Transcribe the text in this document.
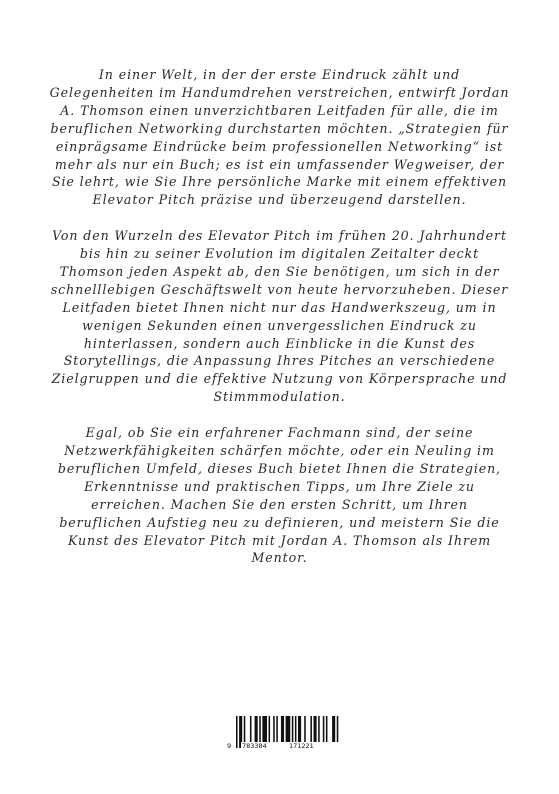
In einer Welt, in der der erste Eindruck zählt und Gelegenheiten im Handumdrehen verstreichen, entwirft Jordan A. Thomson einen unverzichtbaren Leitfaden für alle, die im beruflichen Networking durchstarten möchten. „Strategien für einprägsame Eindrücke beim professionellen Networking“ ist mehr als nur ein Buch; es ist ein umfassender Wegweiser, der Sie lehrt, wie Sie Ihre persönliche Marke mit einem effektiven Elevator Pitch präzise und überzeugend darstellen.

Von den Wurzeln des Elevator Pitch im frühen 20. Jahrhundert bis hin zu seiner Evolution im digitalen Zeitalter deckt Thomson jeden Aspekt ab, den Sie benötigen, um sich in der schnelllebigen Geschäftswelt von heute hervorzuheben. Dieser Leitfaden bietet Ihnen nicht nur das Handwerkszeug, um in wenigen Sekunden einen unvergesslichen Eindruck zu hinterlassen, sondern auch Einblicke in die Kunst des Storytellings, die Anpassung Ihres Pitches an verschiedene Zielgruppen und die effektive Nutzung von Körpersprache und Stimmmodulation.

Egal, ob Sie ein erfahrener Fachmann sind, der seine Netzwerkfähigkeiten schärfen möchte, oder ein Neuling im beruflichen Umfeld, dieses Buch bietet Ihnen die Strategien, Erkenntnisse und praktischen Tipps, um Ihre Ziele zu erreichen. Machen Sie den ersten Schritt, um Ihren beruflichen Aufstieg neu zu definieren, und meistern Sie die Kunst des Elevator Pitch mit Jordan A. Thomson als Ihrem Mentor.

9 783384	171221
